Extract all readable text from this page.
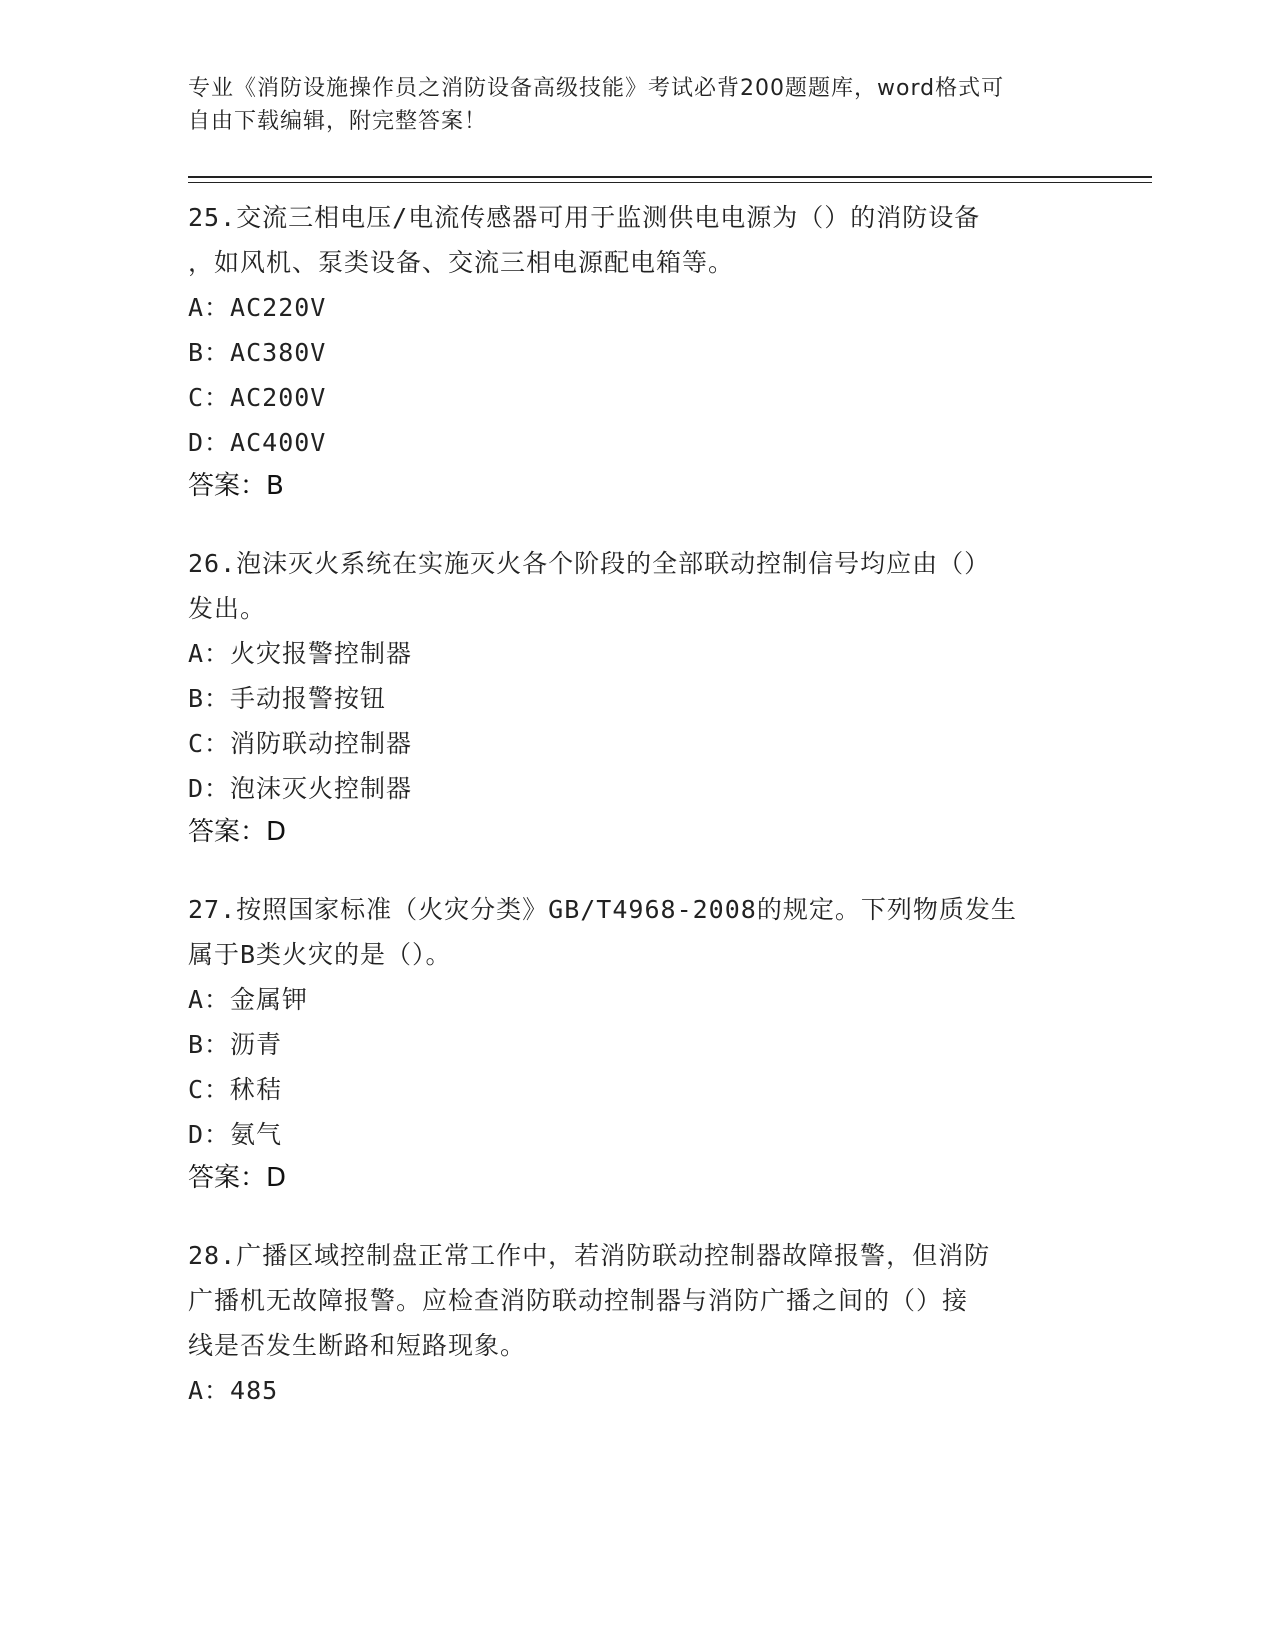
专业《消防设施操作员之消防设备高级技能》考试必背200题题库，word格式可
自由下载编辑，附完整答案！
25.交流三相电压/电流传感器可用于监测供电电源为（）的消防设备
，如风机、泵类设备、交流三相电源配电箱等。
A：AC220V
B：AC380V
C：AC200V
D：AC400V
答案：B
26.泡沫灭火系统在实施灭火各个阶段的全部联动控制信号均应由（）
发出。
A：火灾报警控制器
B：手动报警按钮
C：消防联动控制器
D：泡沫灭火控制器
答案：D
27.按照国家标准（火灾分类》GB/T4968-2008的规定。下列物质发生
属于B类火灾的是（）。
A：金属钾
B：沥青
C：秫秸
D：氨气
答案：D
28.广播区域控制盘正常工作中，若消防联动控制器故障报警，但消防
广播机无故障报警。应检查消防联动控制器与消防广播之间的（）接
线是否发生断路和短路现象。
A：485
